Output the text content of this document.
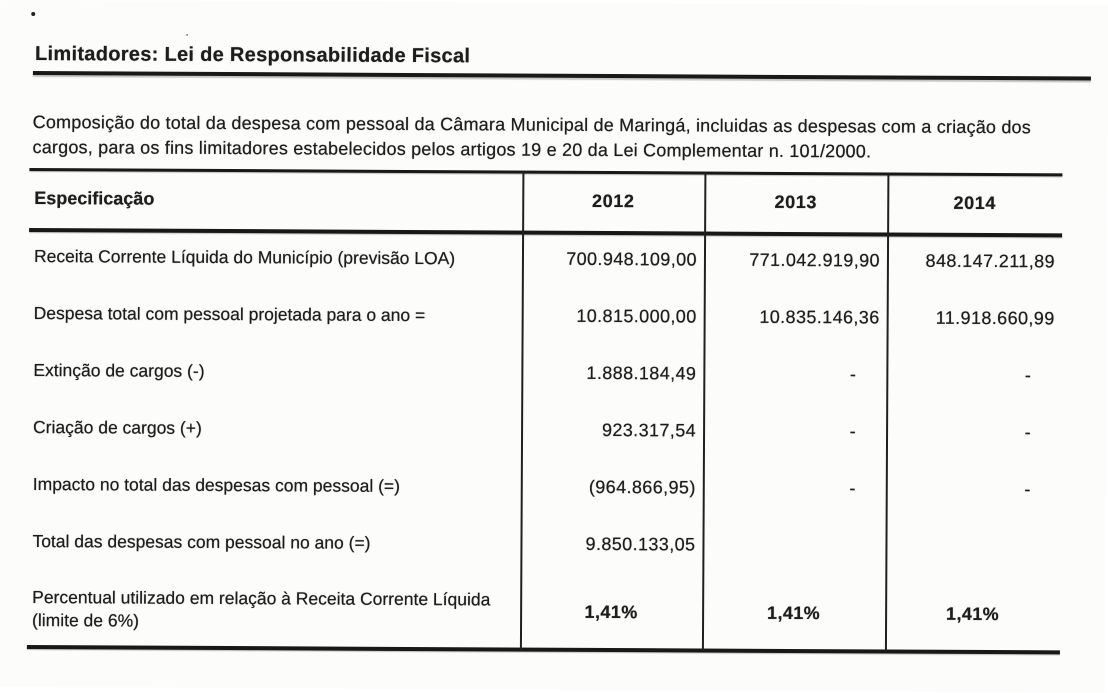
Limitadores: Lei de Responsabilidade Fiscal
Composição do total da despesa com pessoal da Câmara Municipal de Maringá, incluidas as despesas com a criação dos cargos, para os fins limitadores estabelecidos pelos artigos 19 e 20 da Lei Complementar n. 101/2000.
Especificação	2012	2013	2014
Receita Corrente Líquida do Município (previsão LOA)	700.948.109,00	771.042.919,90	848.147.211,89
Despesa total com pessoal projetada para o ano =	10.815.000,00	10.835.146,36	11.918.660,99
Extinção de cargos (-)	1.888.184,49	-	-
Criação de cargos (+)	923.317,54	-	-
Impacto no total das despesas com pessoal (=)	(964.866,95)	-	-
Total das despesas com pessoal no ano (=)	9.850.133,05
Percentual utilizado em relação à Receita Corrente Líquida (limite de 6%)	1,41%	1,41%	1,41%
